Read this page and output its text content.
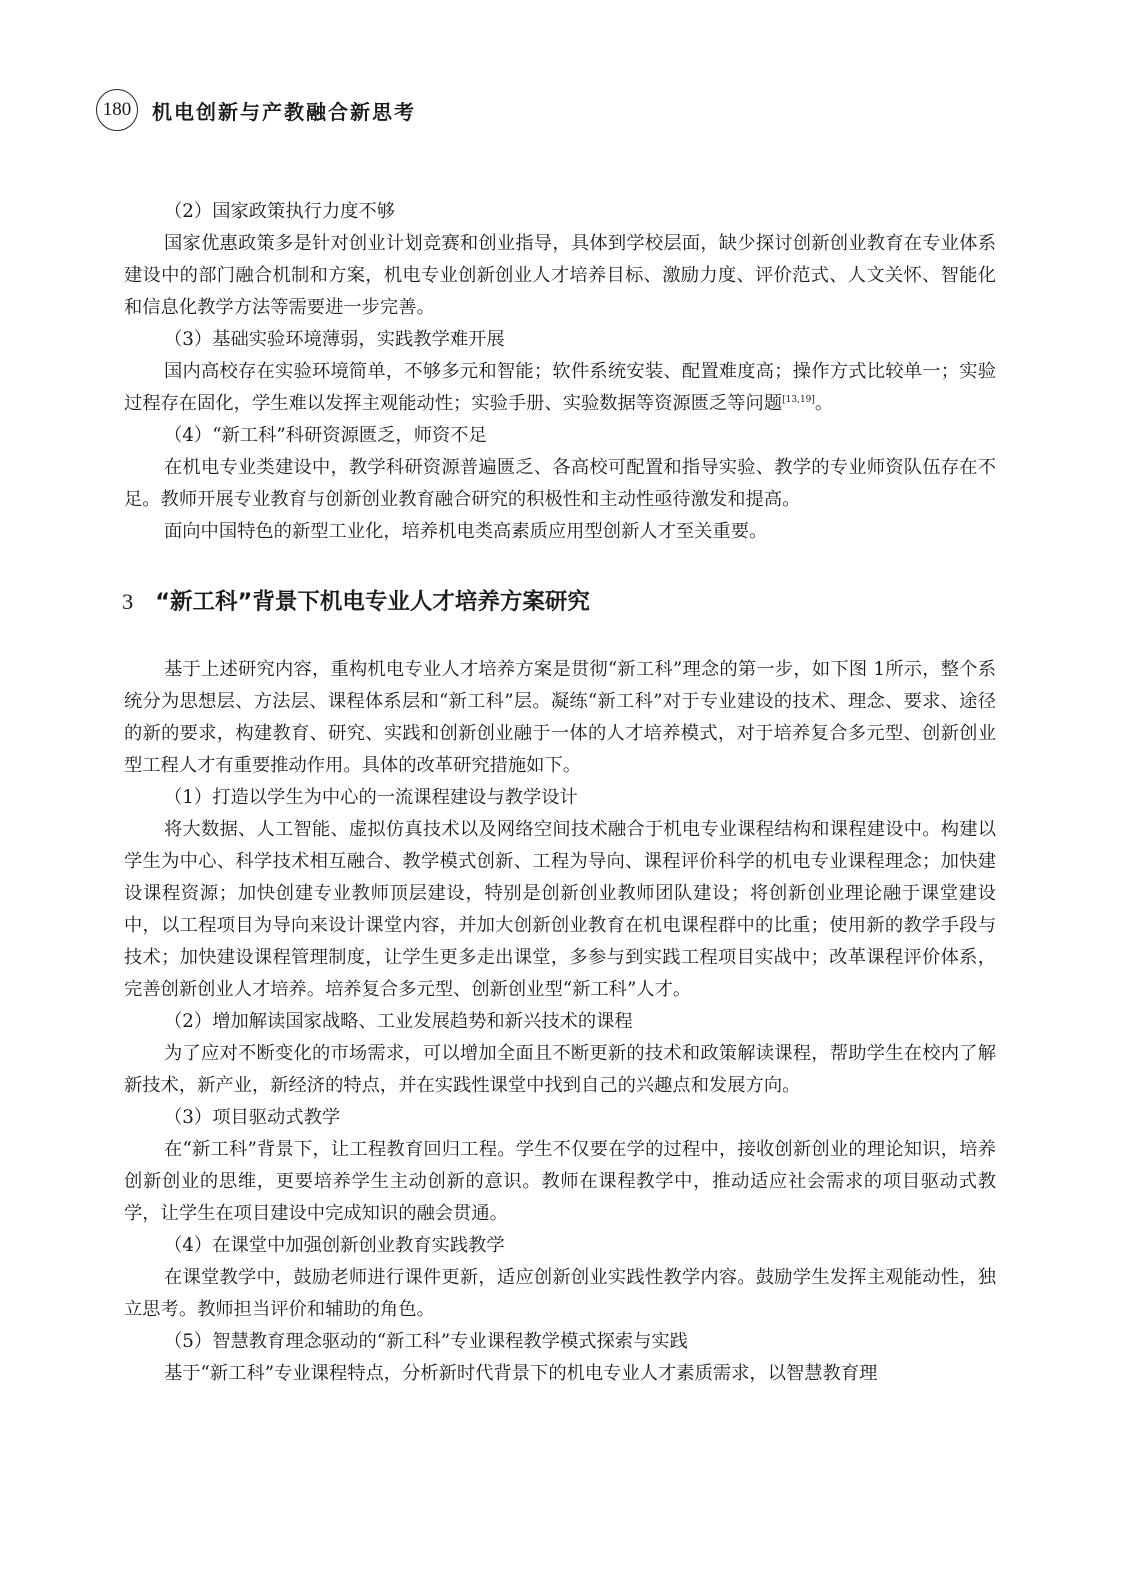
180	机电创新与产教融合新思考

（2）国家政策执行力度不够

国家优惠政策多是针对创业计划竞赛和创业指导，具体到学校层面，缺少探讨创新创业教育在专业体系建设中的部门融合机制和方案，机电专业创新创业人才培养目标、激励力度、评价范式、人文关怀、智能化和信息化教学方法等需要进一步完善。

（3）基础实验环境薄弱，实践教学难开展

国内高校存在实验环境简单，不够多元和智能；软件系统安装、配置难度高；操作方式比较单一；实验过程存在固化，学生难以发挥主观能动性；实验手册、实验数据等资源匮乏等问题[13,19]。

（4）“新工科”科研资源匮乏，师资不足

在机电专业类建设中，教学科研资源普遍匮乏、各高校可配置和指导实验、教学的专业师资队伍存在不足。教师开展专业教育与创新创业教育融合研究的积极性和主动性亟待激发和提高。

面向中国特色的新型工业化，培养机电类高素质应用型创新人才至关重要。

3 “新工科”背景下机电专业人才培养方案研究

基于上述研究内容，重构机电专业人才培养方案是贯彻“新工科”理念的第一步，如下图 1所示，整个系统分为思想层、方法层、课程体系层和“新工科”层。凝练“新工科”对于专业建设的技术、理念、要求、途径的新的要求，构建教育、研究、实践和创新创业融于一体的人才培养模式，对于培养复合多元型、创新创业型工程人才有重要推动作用。具体的改革研究措施如下。

（1）打造以学生为中心的一流课程建设与教学设计

将大数据、人工智能、虚拟仿真技术以及网络空间技术融合于机电专业课程结构和课程建设中。构建以学生为中心、科学技术相互融合、教学模式创新、工程为导向、课程评价科学的机电专业课程理念；加快建设课程资源；加快创建专业教师顶层建设，特别是创新创业教师团队建设；将创新创业理论融于课堂建设中，以工程项目为导向来设计课堂内容，并加大创新创业教育在机电课程群中的比重；使用新的教学手段与技术；加快建设课程管理制度，让学生更多走出课堂，多参与到实践工程项目实战中；改革课程评价体系，完善创新创业人才培养。培养复合多元型、创新创业型“新工科”人才。

（2）增加解读国家战略、工业发展趋势和新兴技术的课程

为了应对不断变化的市场需求，可以增加全面且不断更新的技术和政策解读课程，帮助学生在校内了解新技术，新产业，新经济的特点，并在实践性课堂中找到自己的兴趣点和发展方向。

（3）项目驱动式教学

在“新工科”背景下，让工程教育回归工程。学生不仅要在学的过程中，接收创新创业的理论知识，培养创新创业的思维，更要培养学生主动创新的意识。教师在课程教学中，推动适应社会需求的项目驱动式教学，让学生在项目建设中完成知识的融会贯通。

（4）在课堂中加强创新创业教育实践教学

在课堂教学中，鼓励老师进行课件更新，适应创新创业实践性教学内容。鼓励学生发挥主观能动性，独立思考。教师担当评价和辅助的角色。

（5）智慧教育理念驱动的“新工科”专业课程教学模式探索与实践

基于“新工科”专业课程特点，分析新时代背景下的机电专业人才素质需求，以智慧教育理
